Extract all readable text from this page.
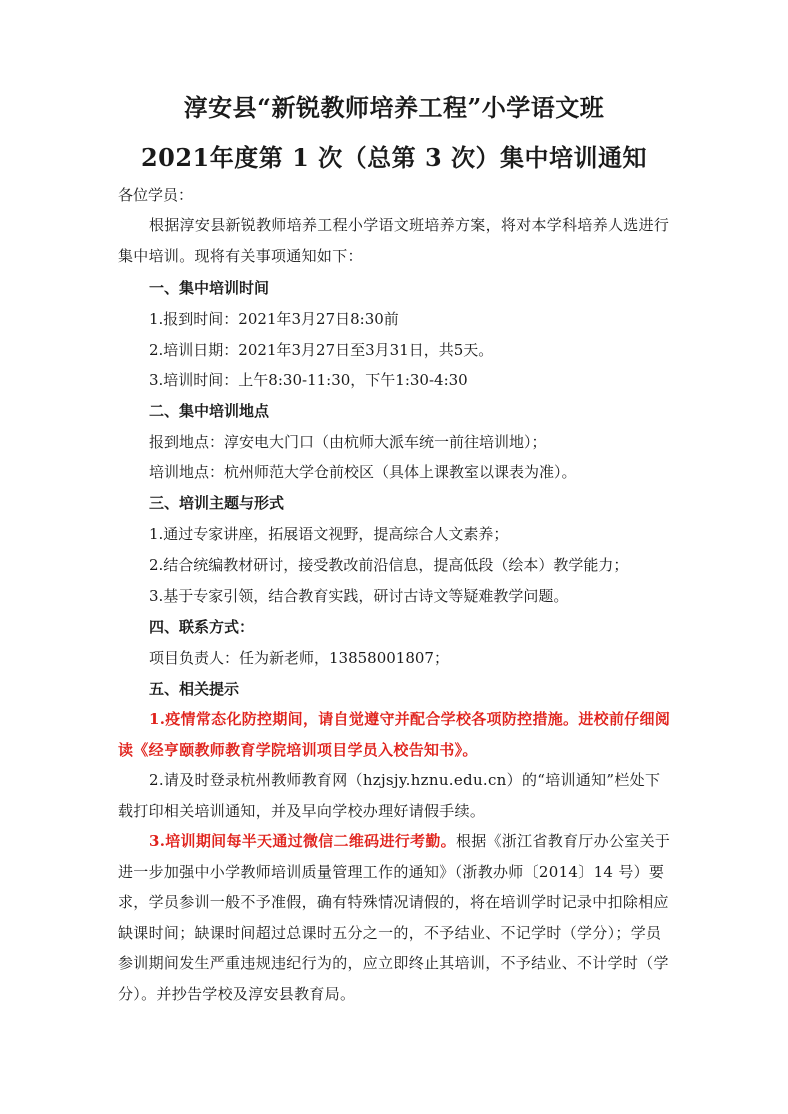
淳安县“新锐教师培养工程”小学语文班
2021年度第 1 次（总第 3 次）集中培训通知
各位学员：
根据淳安县新锐教师培养工程小学语文班培养方案，将对本学科培养人选进行集中培训。现将有关事项通知如下：
一、集中培训时间
1.报到时间：2021年3月27日8:30前
2.培训日期：2021年3月27日至3月31日，共5天。
3.培训时间：上午8:30-11:30，下午1:30-4:30
二、集中培训地点
报到地点：淳安电大门口（由杭师大派车统一前往培训地）；
培训地点：杭州师范大学仓前校区（具体上课教室以课表为准）。
三、培训主题与形式
1.通过专家讲座，拓展语文视野，提高综合人文素养；
2.结合统编教材研讨，接受教改前沿信息，提高低段（绘本）教学能力；
3.基于专家引领，结合教育实践，研讨古诗文等疑难教学问题。
四、联系方式：
项目负责人：任为新老师，13858001807；
五、相关提示
1.疫情常态化防控期间，请自觉遵守并配合学校各项防控措施。进校前仔细阅读《经亨颐教师教育学院培训项目学员入校告知书》。
2.请及时登录杭州教师教育网（hzjsjy.hznu.edu.cn）的“培训通知”栏处下载打印相关培训通知，并及早向学校办理好请假手续。
3.培训期间每半天通过微信二维码进行考勤。根据《浙江省教育厅办公室关于进一步加强中小学教师培训质量管理工作的通知》（浙教办师〔2014〕14 号）要求，学员参训一般不予准假，确有特殊情况请假的，将在培训学时记录中扣除相应缺课时间；缺课时间超过总课时五分之一的，不予结业、不记学时（学分）；学员参训期间发生严重违规违纪行为的，应立即终止其培训，不予结业、不计学时（学分）。并抄告学校及淳安县教育局。
